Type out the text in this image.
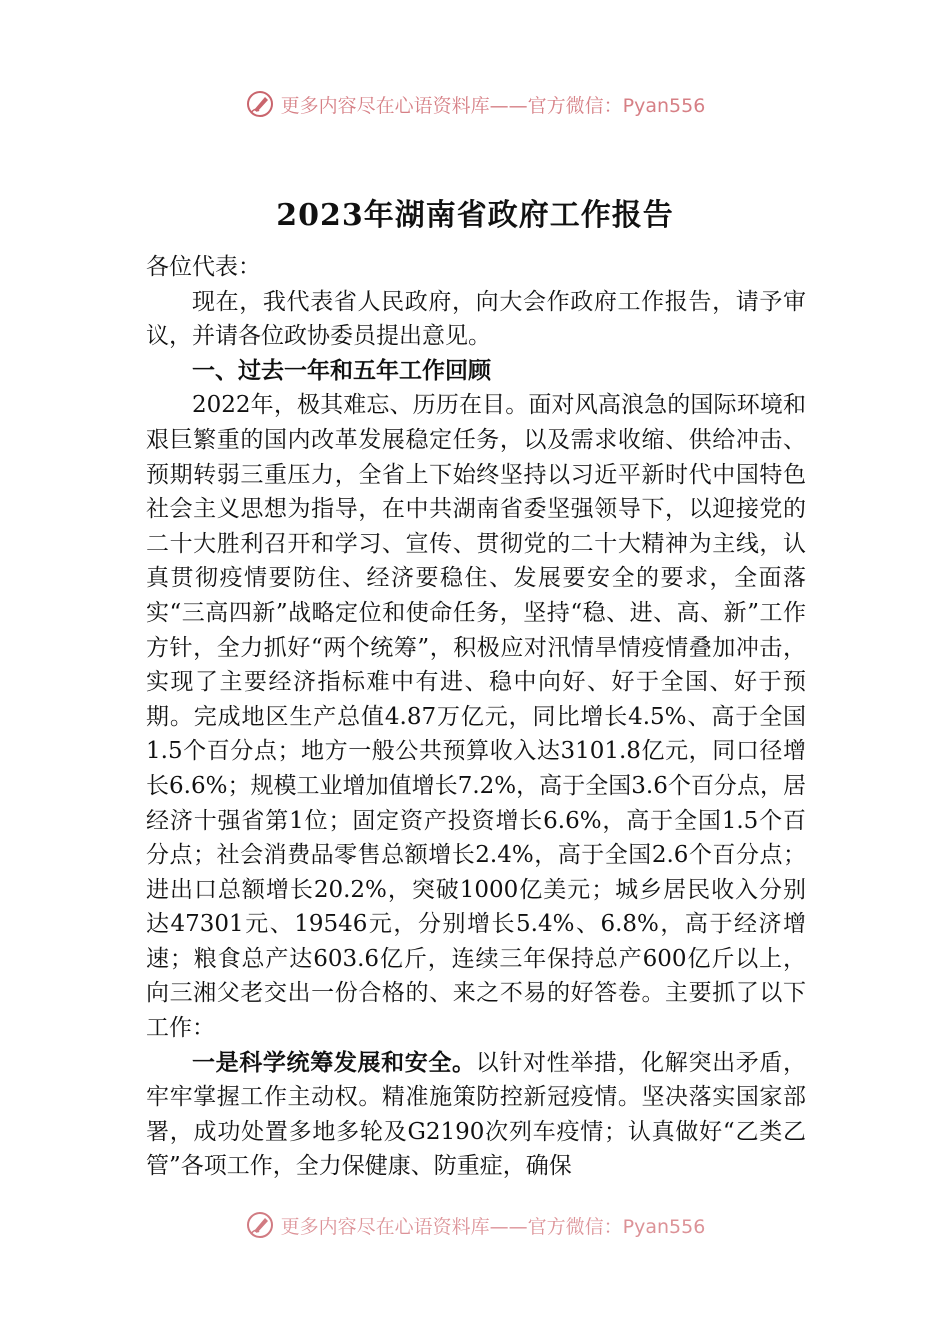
更多内容尽在心语资料库——官方微信：Pyan556
2023年湖南省政府工作报告

各位代表：

现在，我代表省人民政府，向大会作政府工作报告，请予审议，并请各位政协委员提出意见。

一、过去一年和五年工作回顾

2022年，极其难忘、历历在目。面对风高浪急的国际环境和艰巨繁重的国内改革发展稳定任务，以及需求收缩、供给冲击、预期转弱三重压力，全省上下始终坚持以习近平新时代中国特色社会主义思想为指导，在中共湖南省委坚强领导下，以迎接党的二十大胜利召开和学习、宣传、贯彻党的二十大精神为主线，认真贯彻疫情要防住、经济要稳住、发展要安全的要求，全面落实“三高四新”战略定位和使命任务，坚持“稳、进、高、新”工作方针，全力抓好“两个统筹”，积极应对汛情旱情疫情叠加冲击，实现了主要经济指标难中有进、稳中向好、好于全国、好于预期。完成地区生产总值4.87万亿元，同比增长4.5%、高于全国1.5个百分点；地方一般公共预算收入达3101.8亿元，同口径增长6.6%；规模工业增加值增长7.2%，高于全国3.6个百分点，居经济十强省第1位；固定资产投资增长6.6%，高于全国1.5个百分点；社会消费品零售总额增长2.4%，高于全国2.6个百分点；进出口总额增长20.2%，突破1000亿美元；城乡居民收入分别达47301元、19546元，分别增长5.4%、6.8%，高于经济增速；粮食总产达603.6亿斤，连续三年保持总产600亿斤以上，向三湘父老交出一份合格的、来之不易的好答卷。主要抓了以下工作：

一是科学统筹发展和安全。以针对性举措，化解突出矛盾，牢牢掌握工作主动权。精准施策防控新冠疫情。坚决落实国家部署，成功处置多地多轮及G2190次列车疫情；认真做好“乙类乙管”各项工作，全力保健康、防重症，确保

更多内容尽在心语资料库——官方微信：Pyan556
